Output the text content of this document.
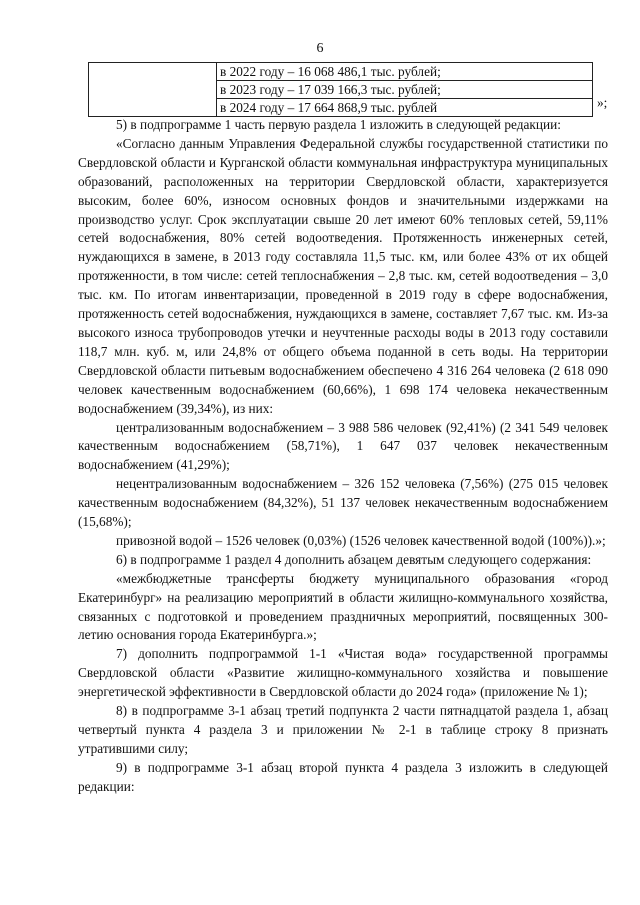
6
	в 2022 году – 16 068 486,1 тыс. рублей;
в 2023 году – 17 039 166,3 тыс. рублей;
в 2024 году – 17 664 868,9 тыс. рублей	»;

5) в подпрограмме 1 часть первую раздела 1 изложить в следующей редакции:

«Согласно данным Управления Федеральной службы государственной статистики по Свердловской области и Курганской области коммунальная инфраструктура муниципальных образований, расположенных на территории Свердловской области, характеризуется высоким, более 60%, износом основных фондов и значительными издержками на производство услуг. Срок эксплуатации свыше 20 лет имеют 60% тепловых сетей, 59,11% сетей водоснабжения, 80% сетей водоотведения. Протяженность инженерных сетей, нуждающихся в замене, в 2013 году составляла 11,5 тыс. км, или более 43% от их общей протяженности, в том числе: сетей теплоснабжения – 2,8 тыс. км, сетей водоотведения – 3,0 тыс. км. По итогам инвентаризации, проведенной в 2019 году в сфере водоснабжения, протяженность сетей водоснабжения, нуждающихся в замене, составляет 7,67 тыс. км. Из-за высокого износа трубопроводов утечки и неучтенные расходы воды в 2013 году составили 118,7 млн. куб. м, или 24,8% от общего объема поданной в сеть воды. На территории Свердловской области питьевым водоснабжением обеспечено 4 316 264 человека (2 618 090 человек качественным водоснабжением (60,66%), 1 698 174 человека некачественным водоснабжением (39,34%), из них:

централизованным водоснабжением – 3 988 586 человек (92,41%) (2 341 549 человек качественным водоснабжением (58,71%), 1 647 037 человек некачественным водоснабжением (41,29%);

нецентрализованным водоснабжением – 326 152 человека (7,56%) (275 015 человек качественным водоснабжением (84,32%), 51 137 человек некачественным водоснабжением (15,68%);

привозной водой – 1526 человек (0,03%) (1526 человек качественной водой (100%)).»;

6) в подпрограмме 1 раздел 4 дополнить абзацем девятым следующего содержания:

«межбюджетные трансферты бюджету муниципального образования «город Екатеринбург» на реализацию мероприятий в области жилищно-коммунального хозяйства, связанных с подготовкой и проведением праздничных мероприятий, посвященных 300-летию основания города Екатеринбурга.»;

7) дополнить подпрограммой 1-1 «Чистая вода» государственной программы Свердловской области «Развитие жилищно-коммунального хозяйства и повышение энергетической эффективности в Свердловской области до 2024 года» (приложение № 1);

8) в подпрограмме 3-1 абзац третий подпункта 2 части пятнадцатой раздела 1, абзац четвертый пункта 4 раздела 3 и приложении № 2-1 в таблице строку 8 признать утратившими силу;

9) в подпрограмме 3-1 абзац второй пункта 4 раздела 3 изложить в следующей редакции:
